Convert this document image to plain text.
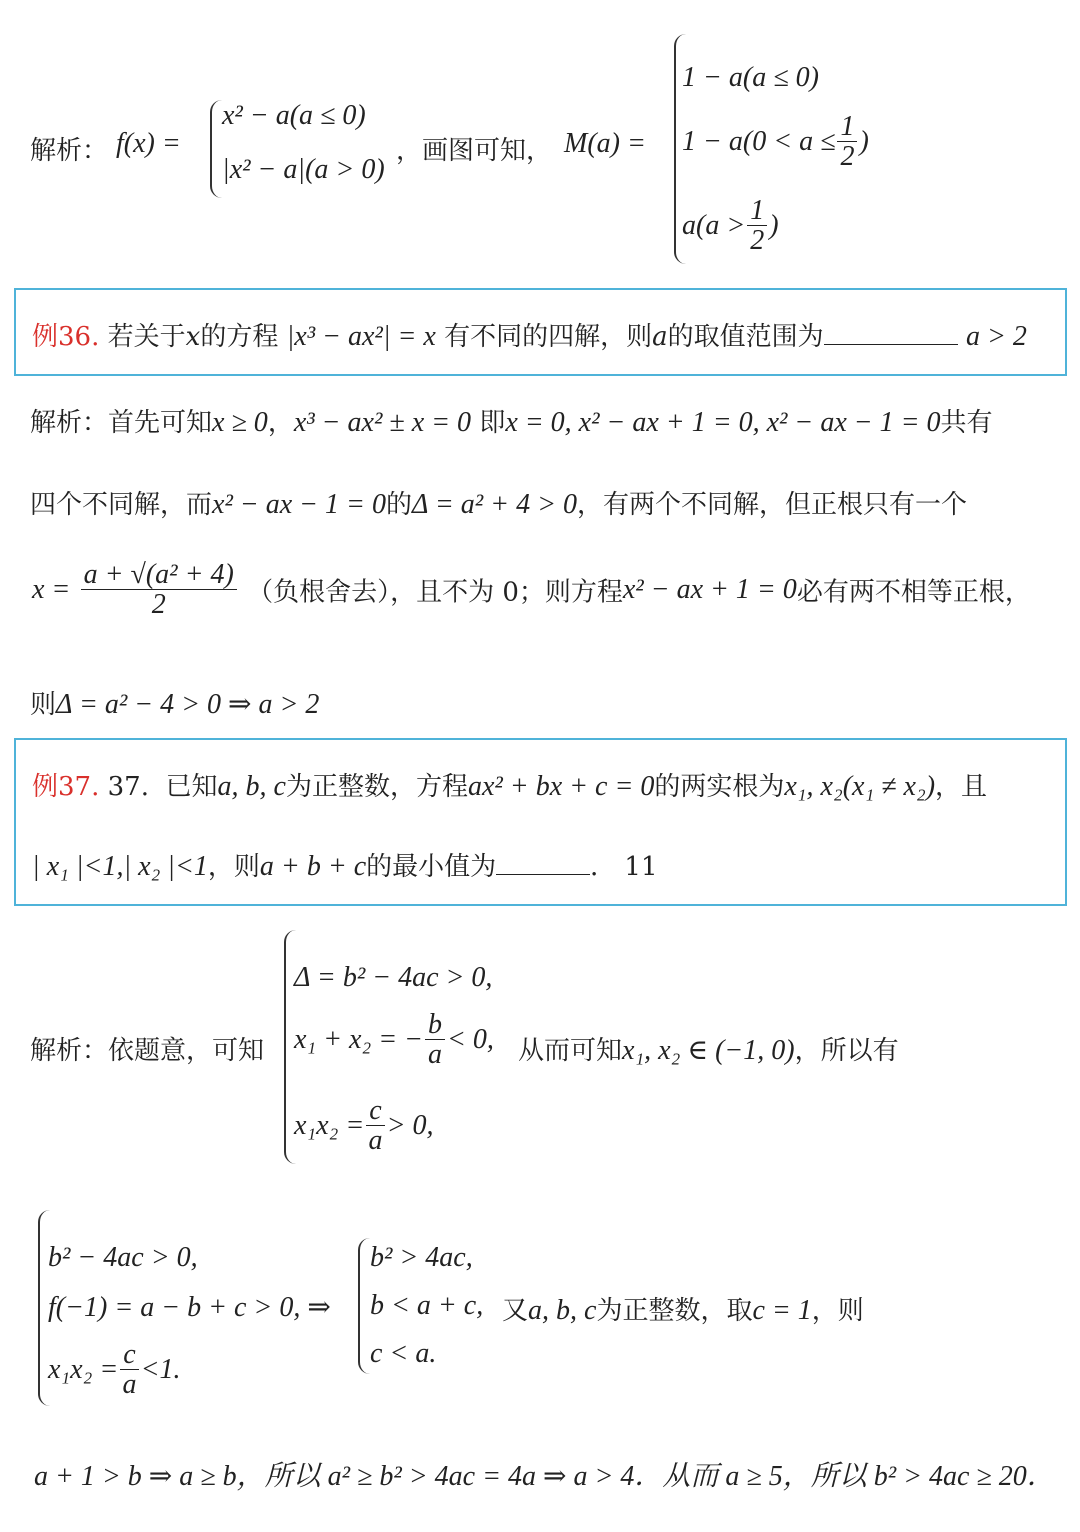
解析： f(x) =
x² − a(a ≤ 0)
|x² − a|(a > 0)
，画图可知， M(a) =
1 − a(a ≤ 0)
$1 - a(0 < a \le \frac{1}{2}$ )
$a(a > \frac{1}{2}$ )
例36. 若关于x的方程 |x³ − ax²| = x 有不同的四解，则a的取值范围为	a > 2
解析：首先可知x ≥ 0，x³ − ax² ± x = 0 即x = 0, x² − ax + 1 = 0, x² − ax − 1 = 0共有
四个不同解，而x² − ax − 1 = 0的Δ = a² + 4 > 0，有两个不同解，但正根只有一个
$x = \frac{\text{a + √(a² + 4)}}{2}$ （负根舍去），且不为 0；则方程x² − ax + 1 = 0必有两不相等正根，
则Δ = a² − 4 > 0 ⇒ a > 2
例37. 37. 已知a, b, c为正整数，方程ax² + bx + c = 0的两实根为x₁, x₂(x₁ ≠ x₂)，且
| x₁ |<1,| x₂ |<1，则a + b + c的最小值为	． 11
解析：依题意，可知
Δ = b² − 4ac > 0,
x₁ + x₂ = − $\frac{b}{a} < 0$,
$x_1x_2 = \frac{c}{a} > 0$,
从而可知x₁, x₂ ∈ (−1, 0)，所以有
b² − 4ac > 0,
f(−1) = a − b + c > 0, ⇒
$x_1x_2 = \frac{c}{a} <1$.
b² > 4ac,
b < a + c,
c < a.
又a, b, c为正整数，取c = 1，则
a + 1 > b ⇒ a ≥ b，所以 a² ≥ b² > 4ac = 4a ⇒ a > 4．从而 a ≥ 5，所以 b² > 4ac ≥ 20．
